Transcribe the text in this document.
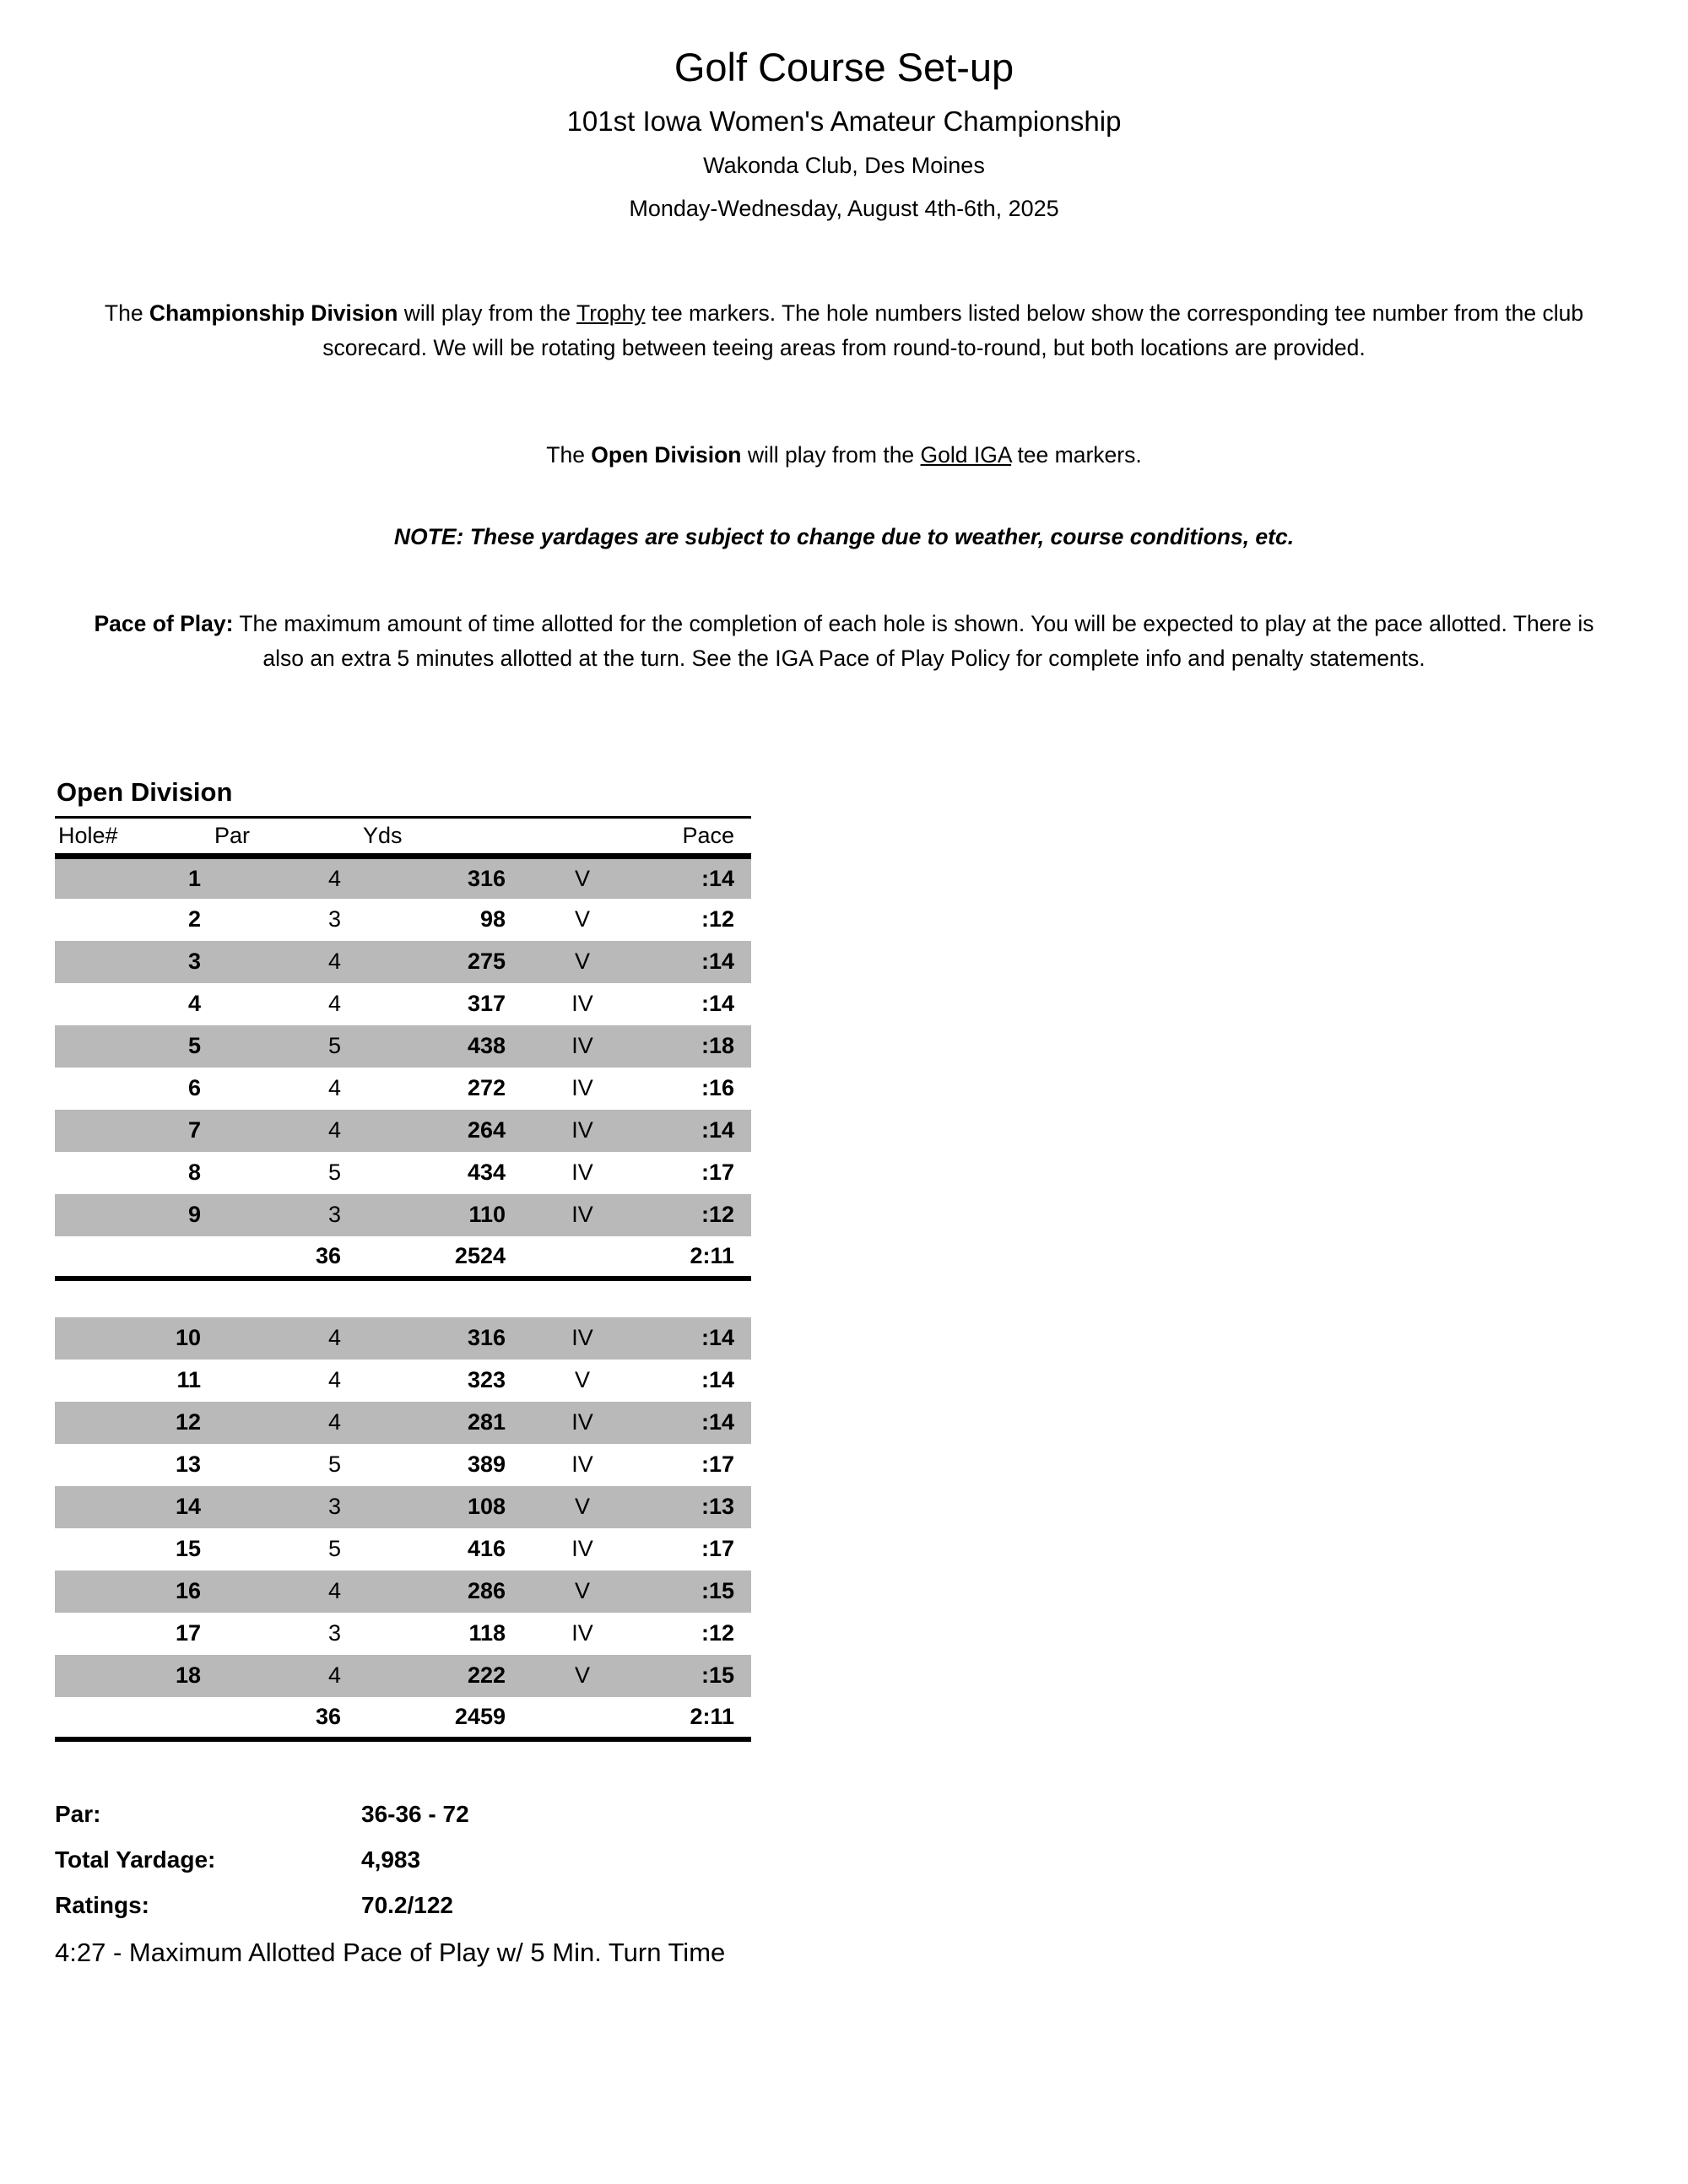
Golf Course Set-up
101st Iowa Women's Amateur Championship
Wakonda Club, Des Moines
Monday-Wednesday, August 4th-6th, 2025

The Championship Division will play from the Trophy tee markers. The hole numbers listed below show the corresponding tee number from the club scorecard. We will be rotating between teeing areas from round-to-round, but both locations are provided.

The Open Division will play from the Gold IGA tee markers.

NOTE: These yardages are subject to change due to weather, course conditions, etc.

Pace of Play: The maximum amount of time allotted for the completion of each hole is shown. You will be expected to play at the pace allotted. There is also an extra 5 minutes allotted at the turn. See the IGA Pace of Play Policy for complete info and penalty statements.

Open Division
Hole#	Par	Yds		Pace
1	4	316	V	:14
2	3	98	V	:12
3	4	275	V	:14
4	4	317	IV	:14
5	5	438	IV	:18
6	4	272	IV	:16
7	4	264	IV	:14
8	5	434	IV	:17
9	3	110	IV	:12
	36	2524		2:11

10	4	316	IV	:14
11	4	323	V	:14
12	4	281	IV	:14
13	5	389	IV	:17
14	3	108	V	:13
15	5	416	IV	:17
16	4	286	V	:15
17	3	118	IV	:12
18	4	222	V	:15
	36	2459		2:11
Par:	36-36 - 72
Total Yardage:	4,983
Ratings:	70.2/122
4:27 - Maximum Allotted Pace of Play w/ 5 Min. Turn Time
